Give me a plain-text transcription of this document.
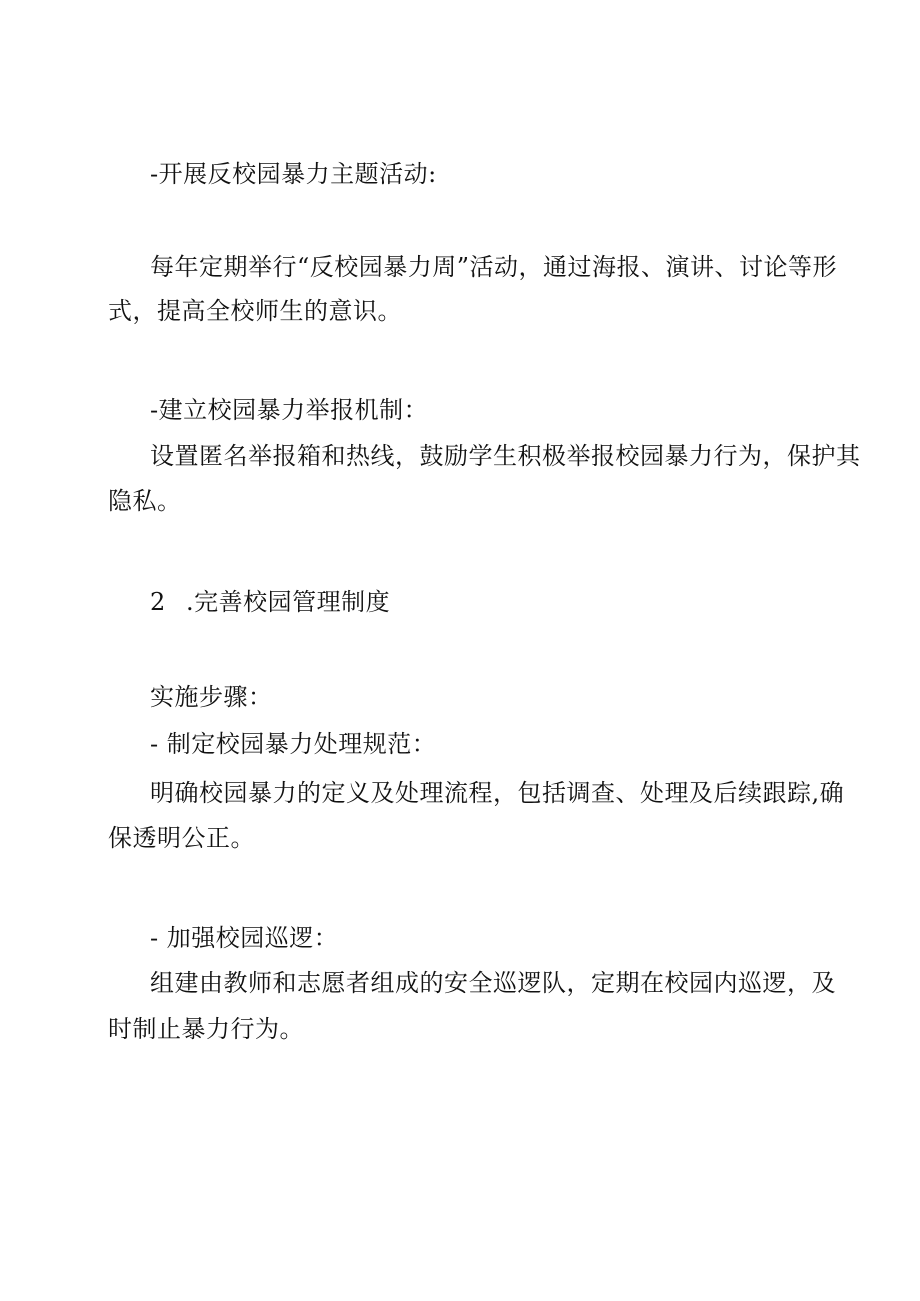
-开展反校园暴力主题活动:

每年定期举行“反校园暴力周”活动，通过海报、演讲、讨论等形

式，提高全校师生的意识。

-建立校园暴力举报机制：

设置匿名举报箱和热线，鼓励学生积极举报校园暴力行为，保护其

隐私。

2 .完善校园管理制度

实施步骤：

- 制定校园暴力处理规范：

明确校园暴力的定义及处理流程，包括调查、处理及后续跟踪,确

保透明公正。

- 加强校园巡逻：

组建由教师和志愿者组成的安全巡逻队，定期在校园内巡逻，及

时制止暴力行为。
